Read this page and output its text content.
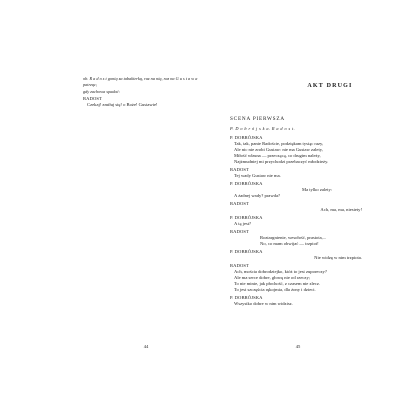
ob. R a d o s t gonią za tabakierką, raz na nią, raz na G u s t a w a patrząc;
gdy zachowa spadać:
RADOST
Czekaj! zmiłuj się! o Boże! Gustawie!
44
AKT DRUGI
SCENA PIERWSZA
P. D o b r ó j s k a. R a d o s t.
P. DOBRÓJSKA
Tak, tak, panie Radoście, podziękam tysiąc razy,
Ale nic nie zrobi Gustaw: nie ma Gustaw zalety,
Miłość własna — przeczącą, co drugim należy,
Najżmudniej mi przychodzi przebaczyć młodzieży.
RADOST
Tej wady Gustaw nie ma.
P. DOBRÓJSKA
Ma tylko zalety:
A żadnej wady? prawda?
RADOST
Ach, ma, ma, niestety!
P. DOBRÓJSKA
A tą jest?
RADOST
Roztargnienie, wesołość, prastota,...
No, co mam obwijać — trzpiot!
P. DOBRÓJSKA
Nie widzę w nim trzpiota.
RADOST
Ach, mościa dobrodziejko, któż to jest zuporeczy?
Ale ma serce dobre, głowę nie od rzeczy;
To nie minie, jak płochość, z czasem nie zlecz.
To jest szczęścia rękojmia, dla żony i dzieci.
P. DOBRÓJSKA
Wszystko dobre w nim widzisz.
45
